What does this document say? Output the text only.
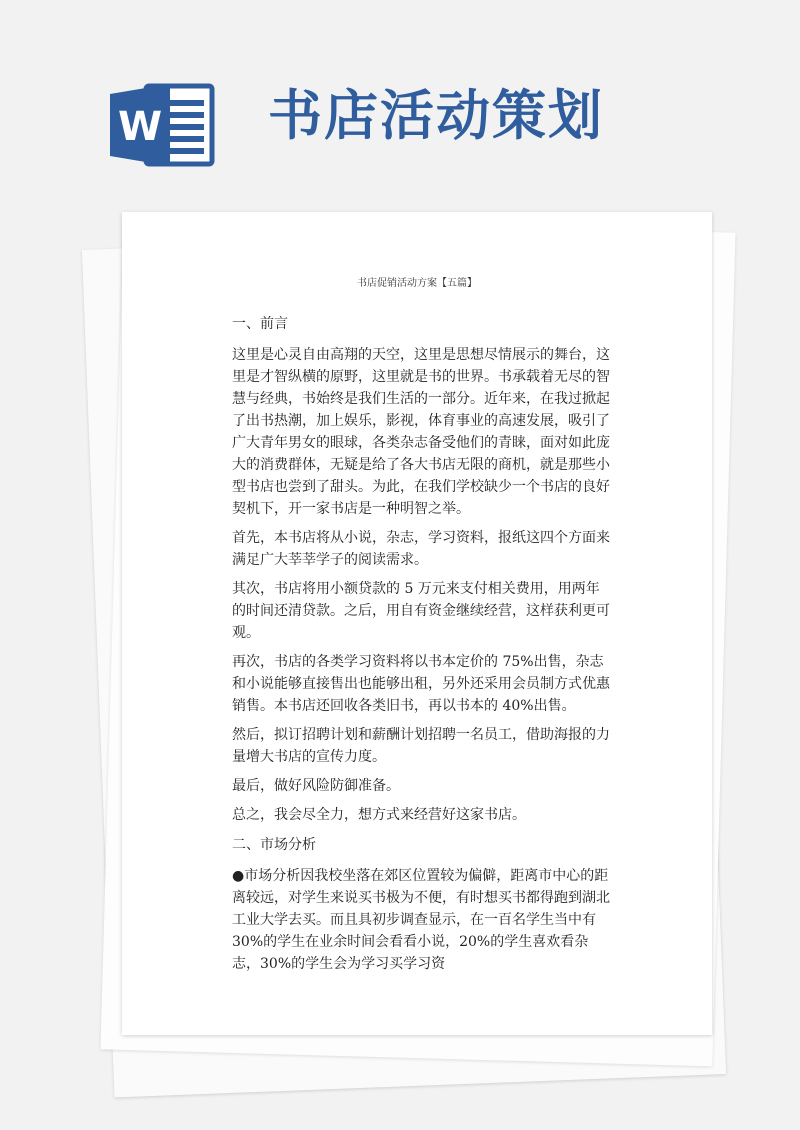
W 书店活动策划
书店促销活动方案【五篇】

一、前言

这里是心灵自由高翔的天空，这里是思想尽情展示的舞台，这里是才智纵横的原野，这里就是书的世界。书承载着无尽的智慧与经典，书始终是我们生活的一部分。近年来，在我过掀起了出书热潮，加上娱乐，影视，体育事业的高速发展，吸引了广大青年男女的眼球，各类杂志备受他们的青睐，面对如此庞大的消费群体，无疑是给了各大书店无限的商机，就是那些小型书店也尝到了甜头。为此，在我们学校缺少一个书店的良好契机下，开一家书店是一种明智之举。

首先，本书店将从小说，杂志，学习资料，报纸这四个方面来满足广大莘莘学子的阅读需求。

其次，书店将用小额贷款的 5 万元来支付相关费用，用两年的时间还清贷款。之后，用自有资金继续经营，这样获利更可观。

再次，书店的各类学习资料将以书本定价的 75%出售，杂志和小说能够直接售出也能够出租，另外还采用会员制方式优惠销售。本书店还回收各类旧书，再以书本的 40%出售。

然后，拟订招聘计划和薪酬计划招聘一名员工，借助海报的力量增大书店的宣传力度。

最后，做好风险防御准备。

总之，我会尽全力，想方式来经营好这家书店。

二、市场分析

●市场分析因我校坐落在郊区位置较为偏僻，距离市中心的距离较远，对学生来说买书极为不便，有时想买书都得跑到湖北工业大学去买。而且具初步调查显示，在一百名学生当中有 30%的学生在业余时间会看看小说，20%的学生喜欢看杂志，30%的学生会为学习买学习资
